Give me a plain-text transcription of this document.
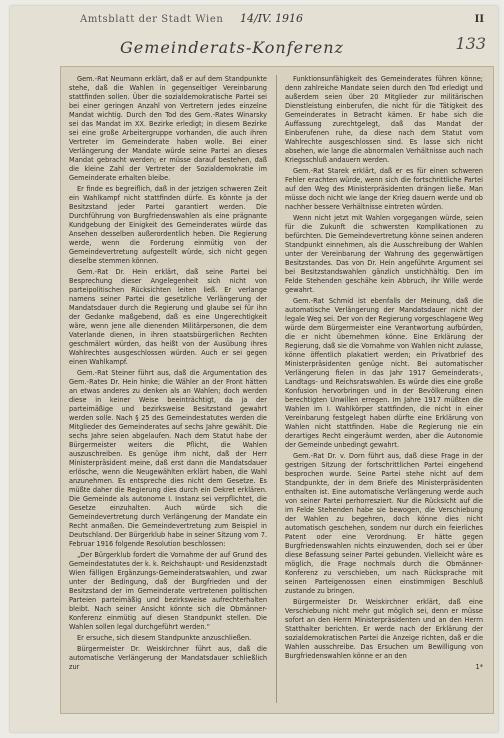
Amtsblatt der Stadt Wien 14/IV. 1916	II
Gemeinderats-Konferenz	133

Gem.-Rat Neumann erklärt, daß er auf dem Standpunkte stehe, daß die Wahlen in gegenseitiger Vereinbarung stattfinden sollen. Über die sozialdemokratische Partei sei bei einer geringen Anzahl von Vertretern jedes einzelne Mandat wichtig. Durch den Tod des Gem.-Rates Winarsky sei das Mandat im XX. Bezirke erledigt; in diesem Bezirke sei eine große Arbeitergruppe vorhanden, die auch ihren Vertreter im Gemeinderate haben wolle. Bei einer Verlängerung der Mandate würde seine Partei an dieses Mandat gebracht werden; er müsse darauf bestehen, daß die kleine Zahl der Vertreter der Sozialdemokratie im Gemeinderate erhalten bleibe.

Er finde es begreiflich, daß in der jetzigen schweren Zeit ein Wahlkampf nicht stattfinden dürfe. Es könnte ja der Besitzstand jeder Partei garantiert werden. Die Durchführung von Burgfriedenswahlen als eine prägnante Kundgebung der Einigkeit des Gemeinderates würde das Ansehen desselben außerordentlich heben. Die Regierung werde, wenn die Forderung einmütig von der Gemeindevertretung aufgestellt würde, sich nicht gegen dieselbe stemmen können.

Gem.-Rat Dr. Hein erklärt, daß seine Partei bei Besprechung dieser Angelegenheit sich nicht von parteipolitischen Rücksichten leiten ließ. Er verlange namens seiner Partei die gesetzliche Verlängerung der Mandatsdauer durch die Regierung und glaube sei für ihn der Gedanke maßgebend, daß es eine Ungerechtigkeit wäre, wenn jene alle dienenden Militärpersonen, die dem Vaterlande dienen, in ihren staatsbürgerlichen Rechten geschmälert würden, das heißt von der Ausübung ihres Wahlrechtes ausgeschlossen würden. Auch er sei gegen einen Wahlkampf.

Gem.-Rat Steiner führt aus, daß die Argumentation des Gem.-Rates Dr. Hein hinke; die Wähler an der Front hätten an etwas anderes zu denken als an Wahlen; doch werden diese in keiner Weise beeinträchtigt, da ja der parteimäßige und bezirksweise Besitzstand gewahrt werden solle. Nach § 25 des Gemeindestatutes werden die Mitglieder des Gemeinderates auf sechs Jahre gewählt. Die sechs Jahre seien abgelaufen. Nach dem Statut habe der Bürgermeister weiters die Pflicht, die Wahlen auszuschreiben. Es genüge ihm nicht, daß der Herr Ministerpräsident meine, daß erst dann die Mandatsdauer erlösche, wenn die Neugewählten erklärt haben, die Wahl anzunehmen. Es entspreche dies nicht dem Gesetze. Es müßte daher die Regierung dies durch ein Dekret erklären. Die Gemeinde als autonome I. Instanz sei verpflichtet, die Gesetze einzuhalten. Auch würde sich die Gemeindevertretung durch Verlängerung der Mandate ein Recht anmaßen. Die Gemeindevertretung zum Beispiel in Deutschland. Der Bürgerklub habe in seiner Sitzung vom 7. Februar 1916 folgende Resolution beschlossen:

„Der Bürgerklub fordert die Vornahme der auf Grund des Gemeindestatutes der k. k. Reichshaupt- und Residenzstadt Wien fälligen Ergänzungs-Gemeinderatswahlen, und zwar unter der Bedingung, daß der Burgfrieden und der Besitzstand der im Gemeinderate vertretenen politischen Parteien parteimäßig und bezirksweise aufrechterhalten bleibt. Nach seiner Ansicht könnte sich die Obmänner-Konferenz einmütig auf diesen Standpunkt stellen. Die Wahlen sollen legal durchgeführt werden.“

Er ersuche, sich diesem Standpunkte anzuschließen.

Bürgermeister Dr. Weiskirchner führt aus, daß die automatische Verlängerung der Mandatsdauer schließlich zur

Funktionsunfähigkeit des Gemeinderates führen könne; denn zahlreiche Mandate seien durch den Tod erledigt und außerdem seien über 20 Mitglieder zur militärischen Dienstleistung einberufen, die nicht für die Tätigkeit des Gemeinderates in Betracht kämen. Er habe sich die Auffassung zurechtgelegt, daß das Mandat der Einberufenen ruhe, da diese nach dem Statut vom Wahlrechte ausgeschlossen sind. Es lasse sich nicht absehen, wie lange die abnormalen Verhältnisse auch nach Kriegsschluß andauern werden.

Gem.-Rat Starek erklärt, daß er es für einen schweren Fehler erachten würde, wenn sich die fortschrittliche Partei auf den Weg des Ministerpräsidenten drängen ließe. Man müsse doch nicht wie lange der Krieg dauern werde und ob nachher bessere Verhältnisse eintreten würden.

Wenn nicht jetzt mit Wahlen vorgegangen würde, seien für die Zukunft die schwersten Komplikationen zu befürchten. Die Gemeindevertretung könne seinen anderen Standpunkt einnehmen, als die Ausschreibung der Wahlen unter der Vereinbarung der Wahrung des gegenwärtigen Besitzstandes. Das von Dr. Hein angeführte Argument sei bei Besitzstandswahlen gänzlich unstichhältig. Den im Felde Stehenden geschähe kein Abbruch, ihr Wille werde gewahrt.

Gem.-Rat Schmid ist ebenfalls der Meinung, daß die automatische Verlängerung der Mandatsdauer nicht der legale Weg sei. Der von der Regierung vorgeschlagene Weg würde dem Bürgermeister eine Verantwortung aufbürden, die er nicht übernehmen könne. Eine Erklärung der Regierung, daß sie die Vornahme von Wahlen nicht zulasse, könne öffentlich plakatiert werden; ein Privatbrief des Ministerpräsidenten genüge nicht. Bei automatischer Verlängerung fielen in das Jahr 1917 Gemeinderats-, Landtags- und Reichsratswahlen. Es würde dies eine große Konfusion hervorbringen und in der Bevölkerung einen berechtigten Unwillen erregen. Im Jahre 1917 müßten die Wahlen im I. Wahlkörper stattfinden, die nicht in einer Vereinbarung festgelegt haben dürfte eine Erklärung von Wahlen nicht stattfinden. Habe die Regierung nie ein derartiges Recht eingeräumt werden, aber die Autonomie der Gemeinde unbedingt gewahrt.

Gem.-Rat Dr. v. Dorn führt aus, daß diese Frage in der gestrigen Sitzung der fortschrittlichen Partei eingehend besprochen wurde. Seine Partei stehe nicht auf dem Standpunkte, der in dem Briefe des Ministerpräsidenten enthalten ist. Eine automatische Verlängerung werde auch von seiner Partei perhorresziert. Nur die Rücksicht auf die im Felde Stehenden habe sie bewogen, die Verschiebung der Wahlen zu begehren, doch könne dies nicht automatisch geschehen, sondern nur durch ein feierliches Patent oder eine Verordnung. Er hätte gegen Burgfriedenswahlen nichts einzuwenden, doch sei er über diese Befassung seiner Partei gebunden. Vielleicht wäre es möglich, die Frage nochmals durch die Obmänner-Konferenz zu verschieben, um nach Rücksprache mit seinen Parteigenossen einen einstimmigen Beschluß zustande zu bringen.

Bürgermeister Dr. Weiskirchner erklärt, daß eine Verschiebung nicht mehr gut möglich sei, denn er müsse sofort an den Herrn Ministerpräsidenten und an den Herrn Statthalter berichten. Er werde nach der Erklärung der sozialdemokratischen Partei die Anzeige richten, daß er die Wahlen ausschreibe. Das Ersuchen um Bewilligung von Burgfriedenswahlen könne er an den

1*
